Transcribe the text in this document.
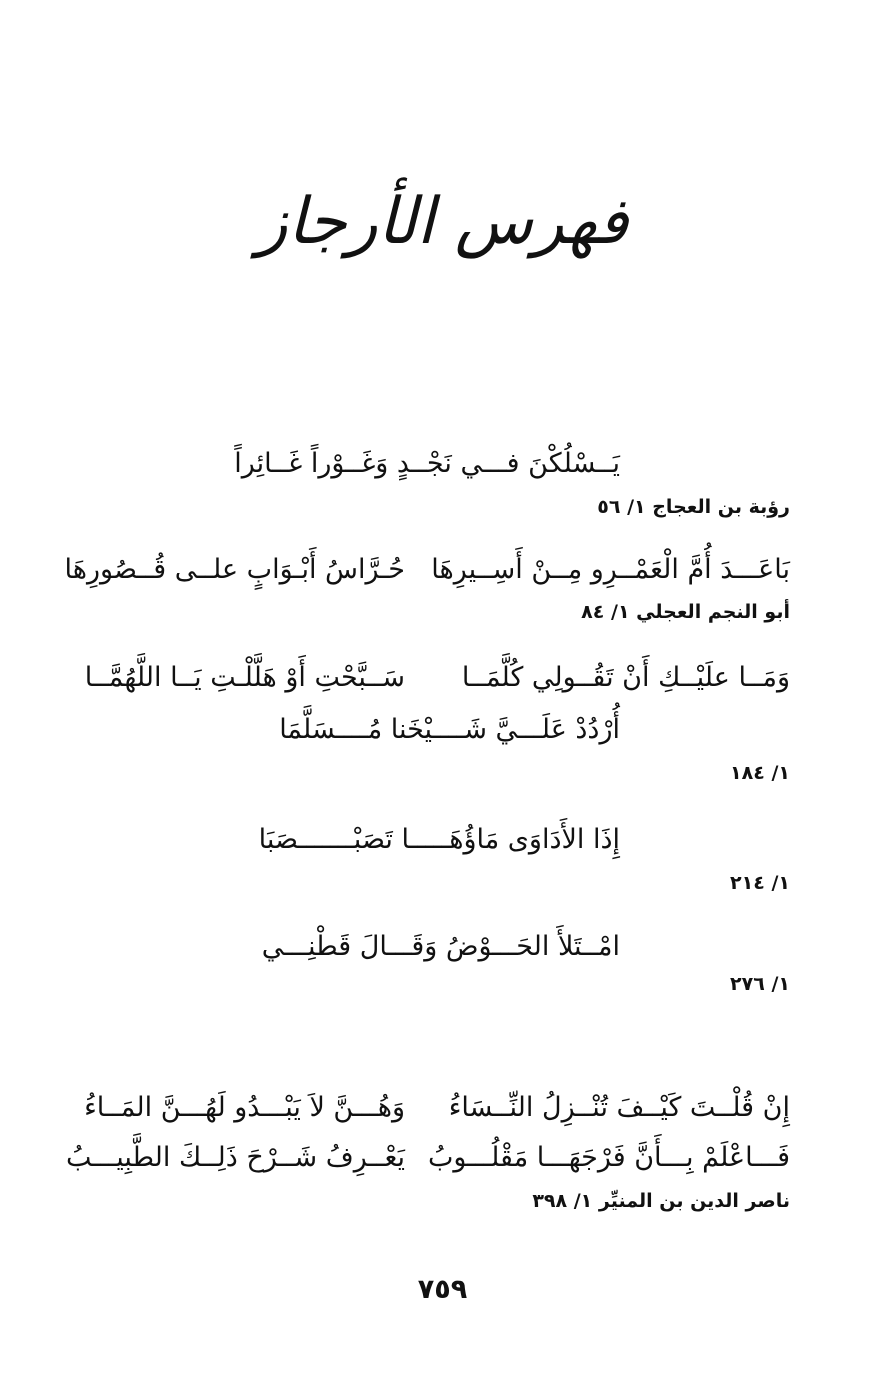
فهرس الأرجاز
يَــسْلُكْنَ فـــي نَجْــدٍ وَغَــوْراً غَــائِراً
رؤبة بن العجاج ١/ ٥٦
بَاعَـــدَ أُمَّ الْعَمْــرِو مِــنْ أَسِــيرِهَا
حُـرَّاسُ أَبْـوَابٍ علــى قُــصُورِهَا
أبو النجم العجلي ١/ ٨٤
وَمَــا علَيْــكِ أَنْ تَقُــولِي كُلَّمَــا
سَــبَّحْتِ أَوْ هَلَّلْـتِ يَــا اللَّهُمَّــا
أُرْدُدْ عَلَـــيَّ شَــــيْخَنا مُــــسَلَّمَا
١/ ١٨٤
إِذَا الأَدَاوَى مَاؤُهَـــــا تَصَبْـــــــصَبَا
١/ ٢١٤
امْــتَلأَ الحَـــوْضُ وَقَـــالَ قَطْنِـــي
١/ ٢٧٦
إِنْ قُلْــتَ كَيْــفَ تُنْــزِلُ النِّــسَاءُ
وَهُـــنَّ لاَ يَبْـــدُو لَهُـــنَّ المَــاءُ
فَـــاعْلَمْ بِـــأَنَّ فَرْجَهَـــا مَقْلُـــوبُ
يَعْــرِفُ شَــرْحَ ذَلِــكَ الطَّبِيـــبُ
ناصر الدين بن المنيِّر ١/ ٣٩٨
٧٥٩
